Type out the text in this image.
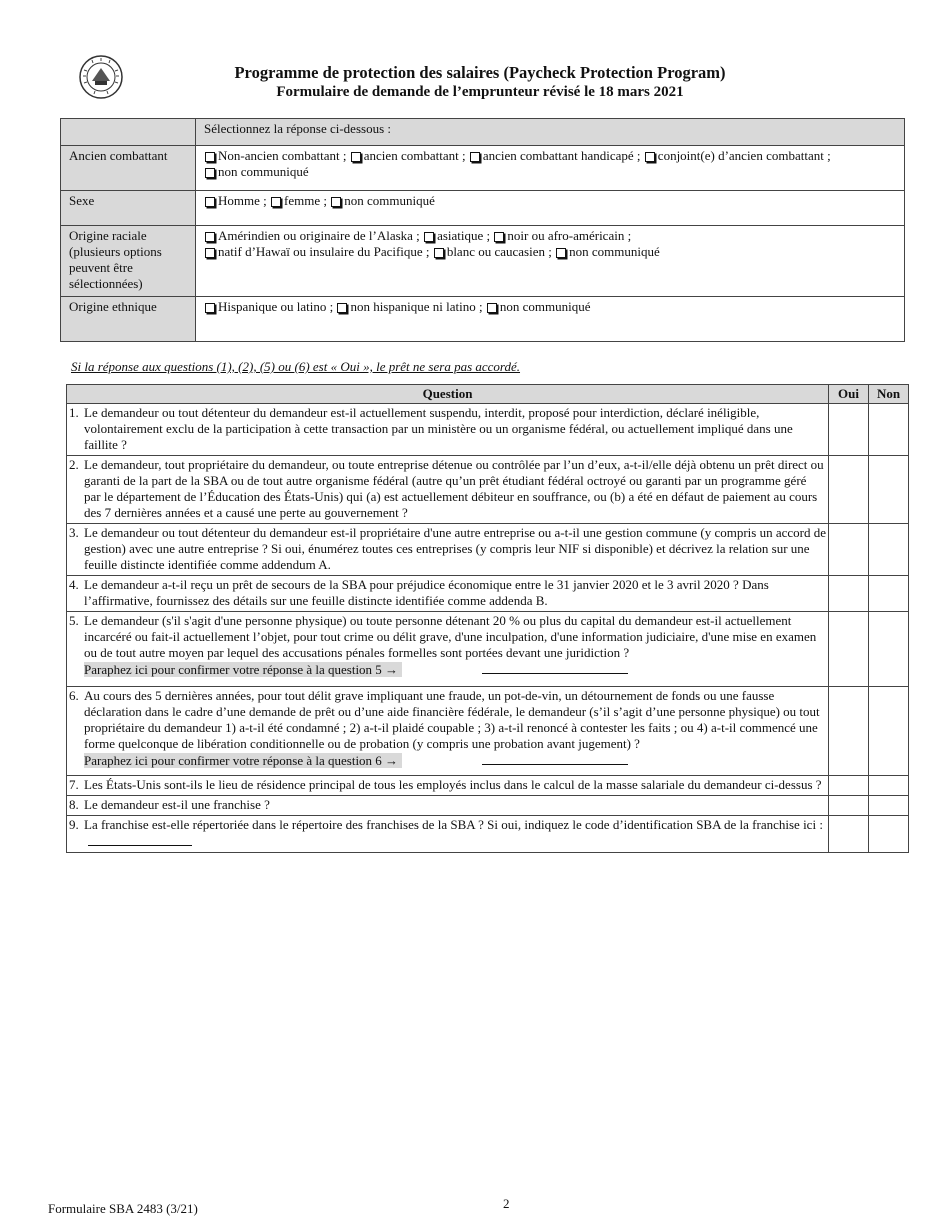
Programme de protection des salaires (Paycheck Protection Program)
Formulaire de demande de l’emprunteur révisé le 18 mars 2021
	Sélectionnez la réponse ci-dessous :
Ancien combattant	Non-ancien combattant ; ancien combattant ; ancien combattant handicapé ; conjoint(e) d’ancien combattant ;
non communiqué
Sexe	Homme ; femme ; non communiqué
Origine raciale (plusieurs options peuvent être sélectionnées)	Amérindien ou originaire de l’Alaska ; asiatique ; noir ou afro-américain ;
natif d’Hawaï ou insulaire du Pacifique ; blanc ou caucasien ; non communiqué
Origine ethnique	Hispanique ou latino ; non hispanique ni latino ; non communiqué
Si la réponse aux questions (1), (2), (5) ou (6) est « Oui », le prêt ne sera pas accordé.
Question	Oui	Non

1. Le demandeur ou tout détenteur du demandeur est-il actuellement suspendu, interdit, proposé pour interdiction, déclaré inéligible, volontairement exclu de la participation à cette transaction par un ministère ou un organisme fédéral, ou actuellement impliqué dans une faillite ?		

2. Le demandeur, tout propriétaire du demandeur, ou toute entreprise détenue ou contrôlée par l’un d’eux, a-t-il/elle déjà obtenu un prêt direct ou garanti de la part de la SBA ou de tout autre organisme fédéral (autre qu’un prêt étudiant fédéral octroyé ou garanti par un programme géré par le département de l’Éducation des États-Unis) qui (a) est actuellement débiteur en souffrance, ou (b) a été en défaut de paiement au cours des 7 dernières années et a causé une perte au gouvernement ?		

3. Le demandeur ou tout détenteur du demandeur est-il propriétaire d'une autre entreprise ou a-t-il une gestion commune (y compris un accord de gestion) avec une autre entreprise ? Si oui, énumérez toutes ces entreprises (y compris leur NIF si disponible) et décrivez la relation sur une feuille distincte identifiée comme addendum A.		

4. Le demandeur a-t-il reçu un prêt de secours de la SBA pour préjudice économique entre le 31 janvier 2020 et le 3 avril 2020 ? Dans l’affirmative, fournissez des détails sur une feuille distincte identifiée comme addenda B.		

5. Le demandeur (s'il s'agit d'une personne physique) ou toute personne détenant 20 % ou plus du capital du demandeur est-il actuellement incarcéré ou fait-il actuellement l’objet, pour tout crime ou délit grave, d'une inculpation, d'une information judiciaire, d'une mise en examen ou de tout autre moyen par lequel des accusations pénales formelles sont portées devant une juridiction ?
Paraphez ici pour confirmer votre réponse à la question 5 →		

6. Au cours des 5 dernières années, pour tout délit grave impliquant une fraude, un pot-de-vin, un détournement de fonds ou une fausse déclaration dans le cadre d’une demande de prêt ou d’une aide financière fédérale, le demandeur (s’il s’agit d’une personne physique) ou tout propriétaire du demandeur 1) a-t-il été condamné ; 2) a-t-il plaidé coupable ; 3) a-t-il renoncé à contester les faits ; ou 4) a-t-il commencé une forme quelconque de libération conditionnelle ou de probation (y compris une probation avant jugement) ?
Paraphez ici pour confirmer votre réponse à la question 6 →		

7. Les États-Unis sont-ils le lieu de résidence principal de tous les employés inclus dans le calcul de la masse salariale du demandeur ci-dessus ?		

8. Le demandeur est-il une franchise ?		

9. La franchise est-elle répertoriée dans le répertoire des franchises de la SBA ? Si oui, indiquez le code d’identification SBA de la franchise ici :		

Formulaire SBA 2483 (3/21)	2
